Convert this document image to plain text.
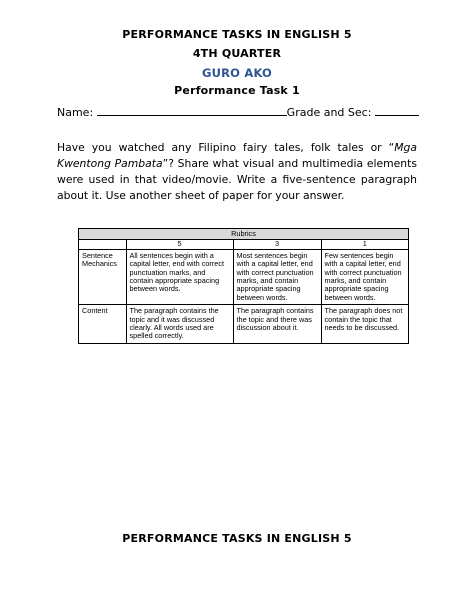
PERFORMANCE TASKS IN ENGLISH 5
4TH QUARTER
GURO AKO
Performance Task 1
Name:	Grade and Sec:
Have you watched any Filipino fairy tales, folk tales or “Mga Kwentong Pambata”? Share what visual and multimedia elements were used in that video/movie. Write a five-sentence paragraph about it. Use another sheet of paper for your answer.
Rubrics			
	5	3	1
Sentence Mechanics	All sentences begin with a capital letter, end with correct punctuation marks, and contain appropriate spacing between words.	Most sentences begin with a capital letter, end with correct punctuation marks, and contain appropriate spacing between words.	Few sentences begin with a capital letter, end with correct punctuation marks, and contain appropriate spacing between words.
Content	The paragraph contains the topic and it was discussed clearly. All words used are spelled correctly.	The paragraph contains the topic and there was discussion about it.	The paragraph does not contain the topic that needs to be discussed.
PERFORMANCE TASKS IN ENGLISH 5
